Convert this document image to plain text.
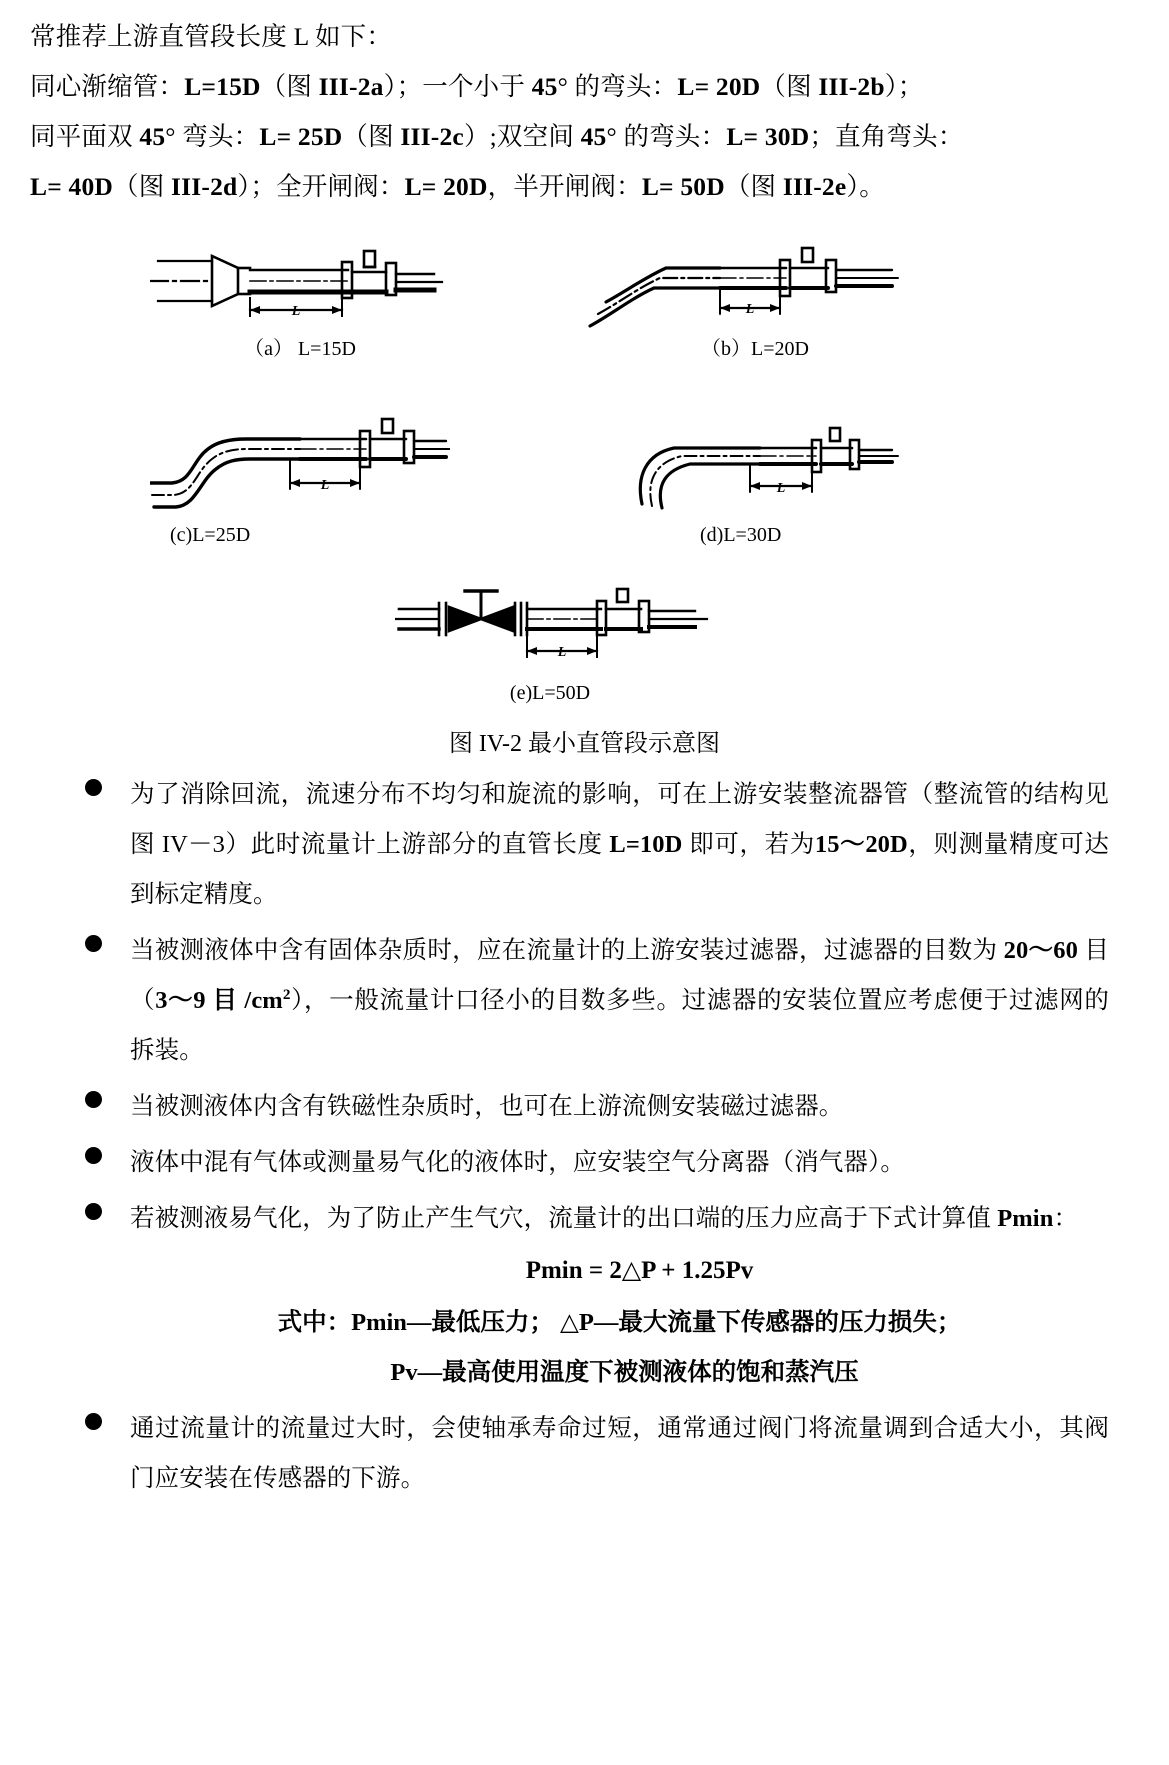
常推荐上游直管段长度 L 如下：
同心渐缩管：L=15D（图 III-2a）；一个小于 45° 的弯头：L= 20D（图 III-2b）；
同平面双 45° 弯头：L= 25D（图 III-2c）;双空间 45° 的弯头：L= 30D；直角弯头：
L= 40D（图 III-2d）；全开闸阀：L= 20D，半开闸阀：L= 50D（图 III-2e）。
L	L
（a） L=15D	（b）L=20D
L	L
(c)L=25D	(d)L=30D
L
(e)L=50D
图 IV-2 最小直管段示意图
为了消除回流，流速分布不均匀和旋流的影响，可在上游安装整流器管（整流管的结构见图 IV－3）此时流量计上游部分的直管长度 L=10D 即可，若为15～20D，则测量精度可达到标定精度。
当被测液体中含有固体杂质时，应在流量计的上游安装过滤器，过滤器的目数为 20～60 目 （3～9 目 $/cm^2$），一般流量计口径小的目数多些。过滤器的安装位置应考虑便于过滤网的拆装。
当被测液体内含有铁磁性杂质时，也可在上游流侧安装磁过滤器。
液体中混有气体或测量易气化的液体时，应安装空气分离器（消气器）。
若被测液易气化，为了防止产生气穴，流量计的出口端的压力应高于下式计算值 Pmin：
Pmin = 2△P + 1.25Pv
式中：Pmin—最低压力； △P—最大流量下传感器的压力损失；
Pv—最高使用温度下被测液体的饱和蒸汽压
通过流量计的流量过大时，会使轴承寿命过短，通常通过阀门将流量调到合适大小，其阀门应安装在传感器的下游。
